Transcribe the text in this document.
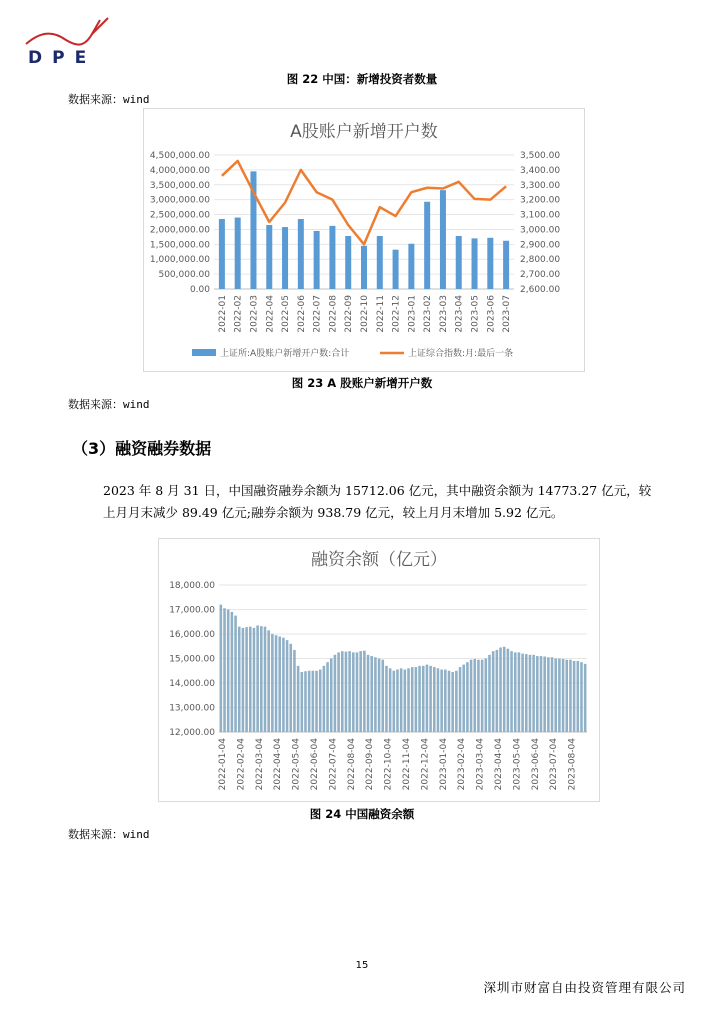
DPE
图 22 中国：新增投资者数量
数据来源：wind
A股账户新增开户数
0.00
500,000.00
1,000,000.00
1,500,000.00
2,000,000.00
2,500,000.00
3,000,000.00
3,500,000.00
4,000,000.00
4,500,000.00
2,600.00
2,700.00
2,800.00
2,900.00
3,000.00
3,100.00
3,200.00
3,300.00
3,400.00
3,500.00
2022-01 2022-02 2022-03 2022-04 2022-05 2022-06 2022-07 2022-08 2022-09 2022-10 2022-11 2022-12 2023-01 2023-02 2023-03 2023-04 2023-05 2023-06 2023-07
上证所:A股账户新增开户数:合计	上证综合指数:月:最后一条
图 23 A 股账户新增开户数
数据来源：wind
（3）融资融券数据

2023 年 8 月 31 日，中国融资融券余额为 15712.06 亿元，其中融资余额为 14773.27 亿元，较上月月末减少 89.49 亿元;融券余额为 938.79 亿元，较上月月末增加 5.92 亿元。

融资余额（亿元）
12,000.00
13,000.00
14,000.00
15,000.00
16,000.00
17,000.00
18,000.00
2022-01-04 2022-02-04 2022-03-04 2022-04-04 2022-05-04 2022-06-04 2022-07-04 2022-08-04 2022-09-04 2022-10-04 2022-11-04 2022-12-04 2023-01-04 2023-02-04 2023-03-04 2023-04-04 2023-05-04 2023-06-04 2023-07-04 2023-08-04
图 24 中国融资余额
数据来源：wind
15
深圳市财富自由投资管理有限公司
